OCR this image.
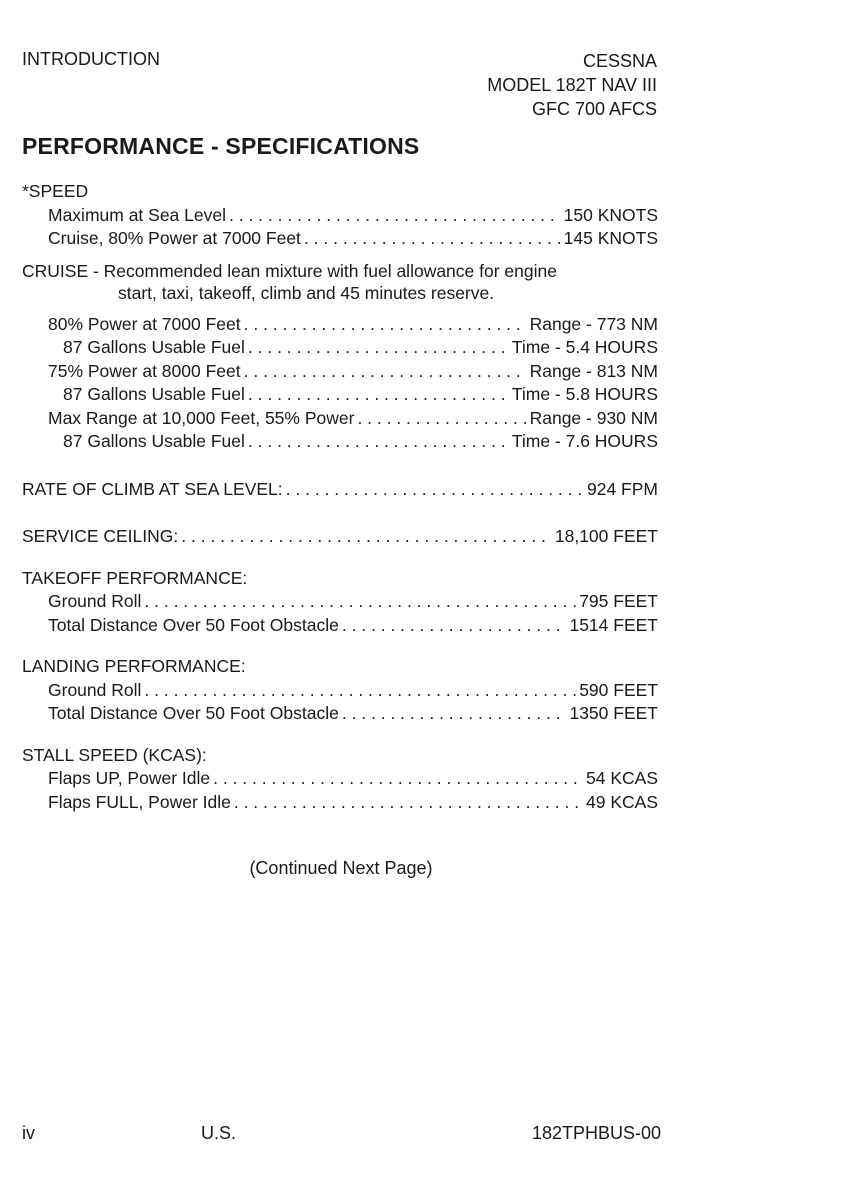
INTRODUCTION	CESSNA
MODEL 182T NAV III
GFC 700 AFCS
PERFORMANCE - SPECIFICATIONS
*SPEED
Maximum at Sea Level . . .	150 KNOTS
Cruise, 80% Power at 7000 Feet . . .	145 KNOTS
CRUISE - Recommended lean mixture with fuel allowance for engine
start, taxi, takeoff, climb and 45 minutes reserve.
80% Power at 7000 Feet . . .	Range - 773 NM
87 Gallons Usable Fuel . . .	Time - 5.4 HOURS
75% Power at 8000 Feet . . .	Range - 813 NM
87 Gallons Usable Fuel . . .	Time - 5.8 HOURS
Max Range at 10,000 Feet, 55% Power . . .	Range - 930 NM
87 Gallons Usable Fuel . . .	Time - 7.6 HOURS
RATE OF CLIMB AT SEA LEVEL: . . .	924 FPM
SERVICE CEILING: . . .	18,100 FEET
TAKEOFF PERFORMANCE:
Ground Roll . . .	795 FEET
Total Distance Over 50 Foot Obstacle . . .	1514 FEET
LANDING PERFORMANCE:
Ground Roll . . .	590 FEET
Total Distance Over 50 Foot Obstacle . . .	1350 FEET
STALL SPEED (KCAS):
Flaps UP, Power Idle . . .	54 KCAS
Flaps FULL, Power Idle . . .	49 KCAS
(Continued Next Page)
iv	U.S.	182TPHBUS-00
